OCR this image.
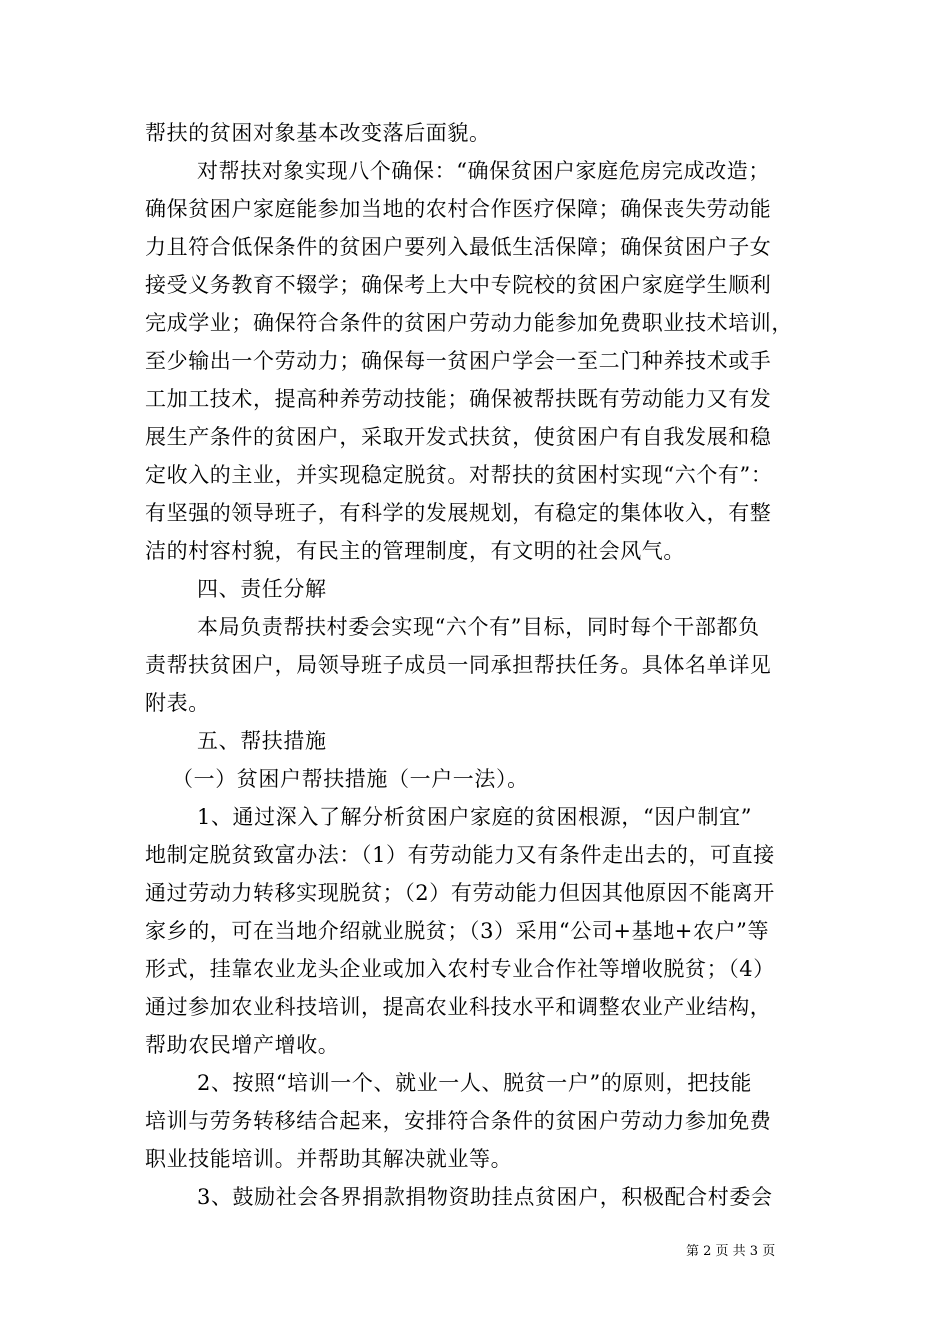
帮扶的贫困对象基本改变落后面貌。
对帮扶对象实现八个确保：“确保贫困户家庭危房完成改造；
确保贫困户家庭能参加当地的农村合作医疗保障；确保丧失劳动能
力且符合低保条件的贫困户要列入最低生活保障；确保贫困户子女
接受义务教育不辍学；确保考上大中专院校的贫困户家庭学生顺利
完成学业；确保符合条件的贫困户劳动力能参加免费职业技术培训，
至少输出一个劳动力；确保每一贫困户学会一至二门种养技术或手
工加工技术，提高种养劳动技能；确保被帮扶既有劳动能力又有发
展生产条件的贫困户，采取开发式扶贫，使贫困户有自我发展和稳
定收入的主业，并实现稳定脱贫。对帮扶的贫困村实现“六个有”：
有坚强的领导班子，有科学的发展规划，有稳定的集体收入，有整
洁的村容村貌，有民主的管理制度，有文明的社会风气。
四、责任分解
本局负责帮扶村委会实现“六个有”目标，同时每个干部都负
责帮扶贫困户，局领导班子成员一同承担帮扶任务。具体名单详见
附表。
五、帮扶措施
（一）贫困户帮扶措施（一户一法）。
1、通过深入了解分析贫困户家庭的贫困根源，“因户制宜”
地制定脱贫致富办法：（1）有劳动能力又有条件走出去的，可直接
通过劳动力转移实现脱贫；（2）有劳动能力但因其他原因不能离开
家乡的，可在当地介绍就业脱贫；（3）采用“公司+基地+农户”等
形式，挂靠农业龙头企业或加入农村专业合作社等增收脱贫；（4）
通过参加农业科技培训，提高农业科技水平和调整农业产业结构，
帮助农民增产增收。
2、按照“培训一个、就业一人、脱贫一户”的原则，把技能
培训与劳务转移结合起来，安排符合条件的贫困户劳动力参加免费
职业技能培训。并帮助其解决就业等。
3、鼓励社会各界捐款捐物资助挂点贫困户，积极配合村委会
第 2 页 共 3 页
